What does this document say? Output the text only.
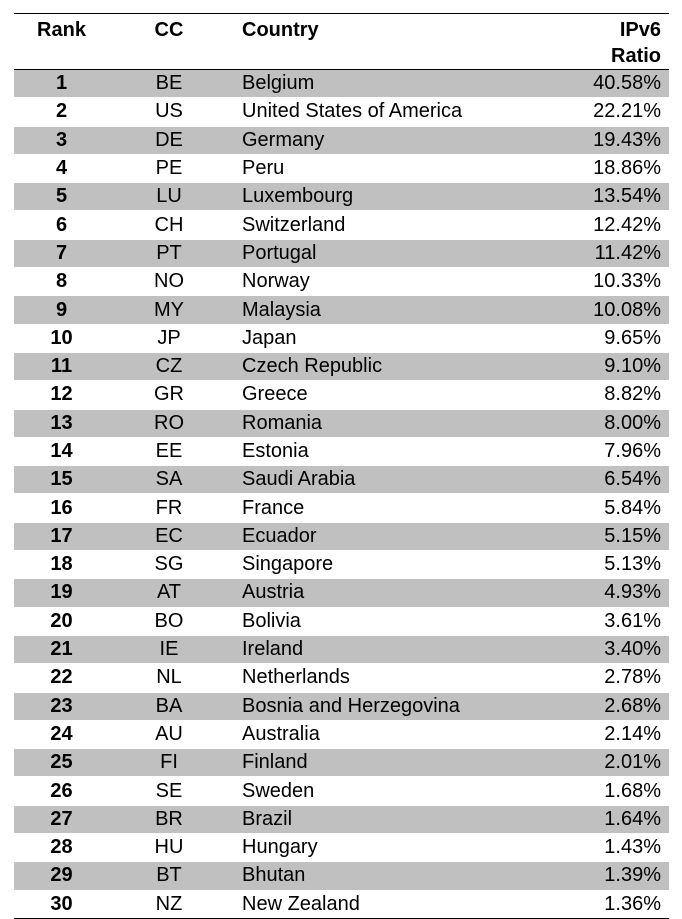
Rank	CC	Country	IPv6
Ratio
1	BE	Belgium	40.58%
2	US	United States of America	22.21%
3	DE	Germany	19.43%
4	PE	Peru	18.86%
5	LU	Luxembourg	13.54%
6	CH	Switzerland	12.42%
7	PT	Portugal	11.42%
8	NO	Norway	10.33%
9	MY	Malaysia	10.08%
10	JP	Japan	9.65%
11	CZ	Czech Republic	9.10%
12	GR	Greece	8.82%
13	RO	Romania	8.00%
14	EE	Estonia	7.96%
15	SA	Saudi Arabia	6.54%
16	FR	France	5.84%
17	EC	Ecuador	5.15%
18	SG	Singapore	5.13%
19	AT	Austria	4.93%
20	BO	Bolivia	3.61%
21	IE	Ireland	3.40%
22	NL	Netherlands	2.78%
23	BA	Bosnia and Herzegovina	2.68%
24	AU	Australia	2.14%
25	FI	Finland	2.01%
26	SE	Sweden	1.68%
27	BR	Brazil	1.64%
28	HU	Hungary	1.43%
29	BT	Bhutan	1.39%
30	NZ	New Zealand	1.36%
